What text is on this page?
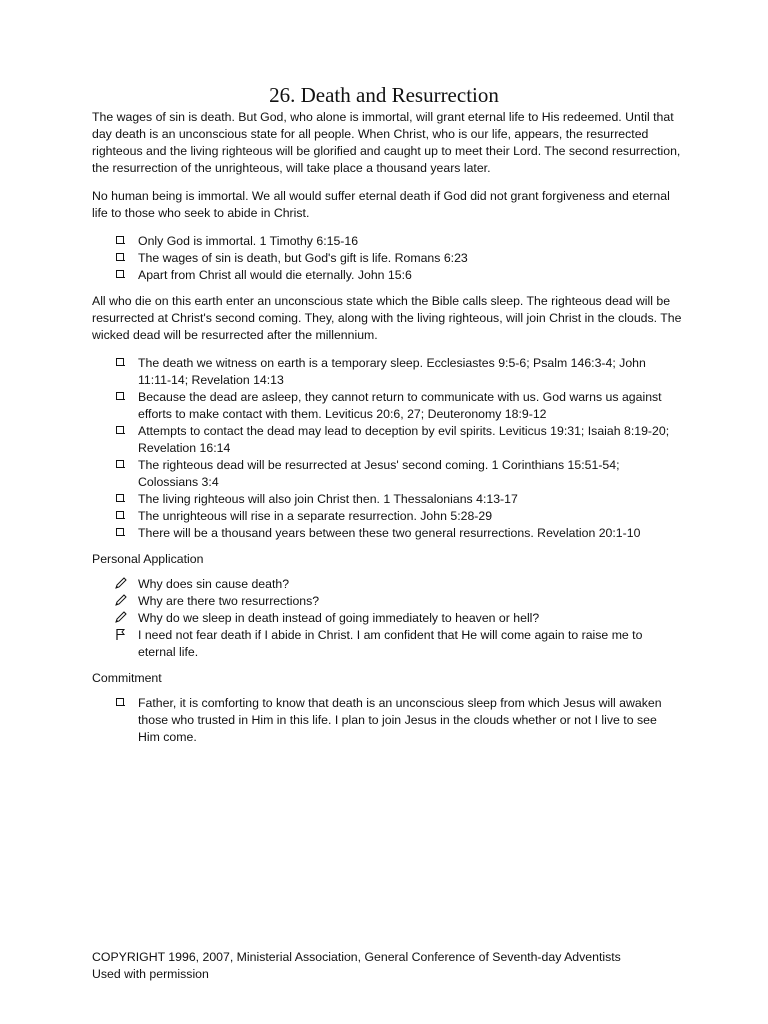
26. Death and Resurrection

The wages of sin is death. But God, who alone is immortal, will grant eternal life to His redeemed. Until that day death is an unconscious state for all people. When Christ, who is our life, appears, the resurrected righteous and the living righteous will be glorified and caught up to meet their Lord. The second resurrection, the resurrection of the unrighteous, will take place a thousand years later.

No human being is immortal. We all would suffer eternal death if God did not grant forgiveness and eternal life to those who seek to abide in Christ.

Only God is immortal. 1 Timothy 6:15-16
The wages of sin is death, but God's gift is life. Romans 6:23
Apart from Christ all would die eternally. John 15:6

All who die on this earth enter an unconscious state which the Bible calls sleep. The righteous dead will be resurrected at Christ's second coming. They, along with the living righteous, will join Christ in the clouds. The wicked dead will be resurrected after the millennium.

The death we witness on earth is a temporary sleep. Ecclesiastes 9:5-6; Psalm 146:3-4; John 11:11-14; Revelation 14:13
Because the dead are asleep, they cannot return to communicate with us. God warns us against efforts to make contact with them. Leviticus 20:6, 27; Deuteronomy 18:9-12
Attempts to contact the dead may lead to deception by evil spirits. Leviticus 19:31; Isaiah 8:19-20; Revelation 16:14
The righteous dead will be resurrected at Jesus' second coming. 1 Corinthians 15:51-54; Colossians 3:4
The living righteous will also join Christ then. 1 Thessalonians 4:13-17
The unrighteous will rise in a separate resurrection. John 5:28-29
There will be a thousand years between these two general resurrections. Revelation 20:1-10

Personal Application

Why does sin cause death?
Why are there two resurrections?
Why do we sleep in death instead of going immediately to heaven or hell?
I need not fear death if I abide in Christ. I am confident that He will come again to raise me to eternal life.

Commitment

Father, it is comforting to know that death is an unconscious sleep from which Jesus will awaken those who trusted in Him in this life. I plan to join Jesus in the clouds whether or not I live to see Him come.
COPYRIGHT 1996, 2007, Ministerial Association, General Conference of Seventh-day Adventists
Used with permission
